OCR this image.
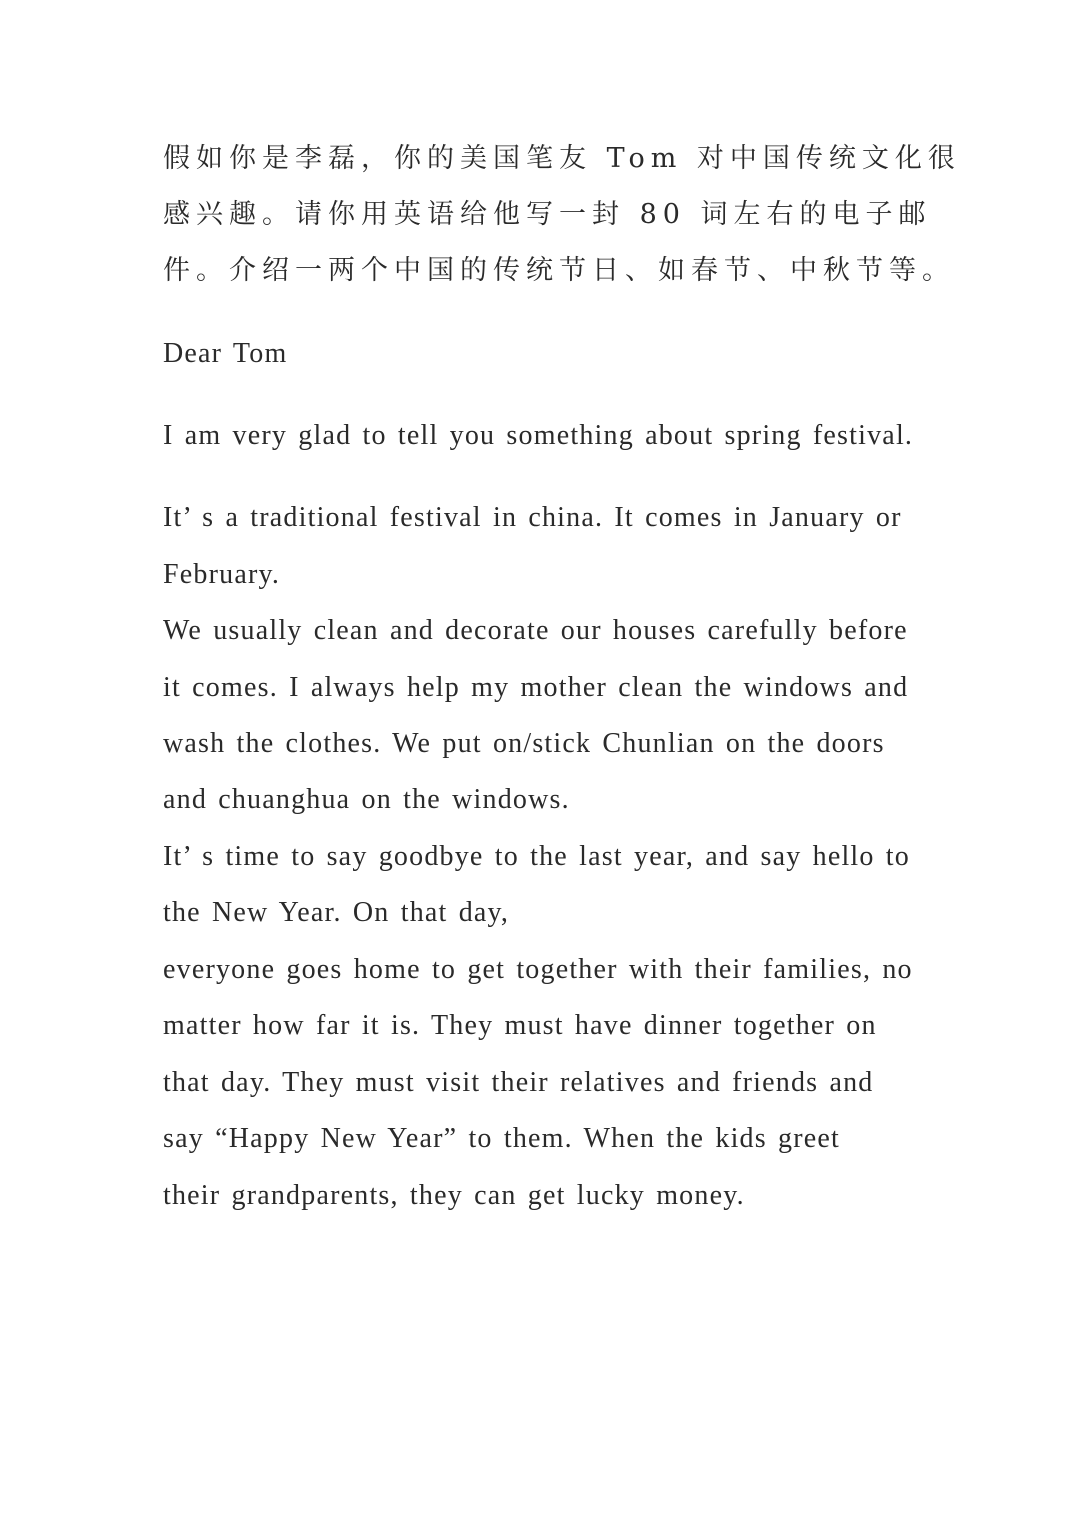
假如你是李磊，你的美国笔友 Tom 对中国传统文化很
感兴趣。请你用英语给他写一封 80 词左右的电子邮
件。介绍一两个中国的传统节日、如春节、中秋节等。
Dear Tom
I am very glad to tell you something about spring festival.
It’ s a traditional festival in china. It comes in January or
February.
We usually clean and decorate our houses carefully before
it comes. I always help my mother clean the windows and
wash the clothes. We put on/stick Chunlian on the doors
and chuanghua on the windows.
It’ s time to say goodbye to the last year, and say hello to
the New Year. On that day,
everyone goes home to get together with their families, no
matter how far it is. They must have dinner together on
that day. They must visit their relatives and friends and
say “Happy New Year” to them. When the kids greet
their grandparents, they can get lucky money.
